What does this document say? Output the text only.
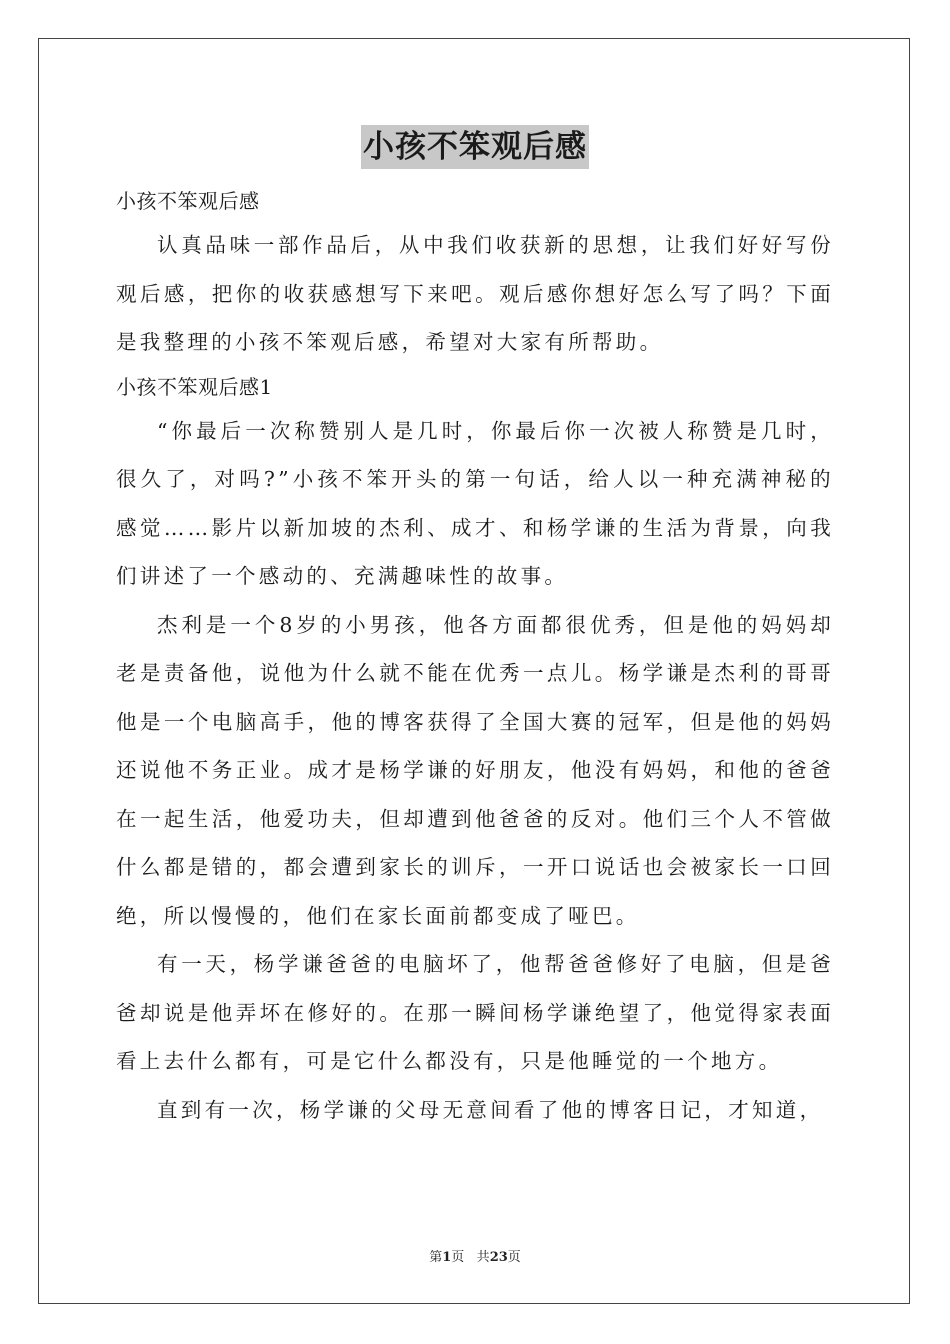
小孩不笨观后感

小孩不笨观后感

认真品味一部作品后，从中我们收获新的思想，让我们好好写份观后感，把你的收获感想写下来吧。观后感你想好怎么写了吗？下面是我整理的小孩不笨观后感，希望对大家有所帮助。

小孩不笨观后感1

“你最后一次称赞别人是几时，你最后你一次被人称赞是几时，很久了，对吗?”小孩不笨开头的第一句话，给人以一种充满神秘的感觉……影片以新加坡的杰利、成才、和杨学谦的生活为背景，向我们讲述了一个感动的、充满趣味性的故事。

杰利是一个8岁的小男孩，他各方面都很优秀，但是他的妈妈却老是责备他，说他为什么就不能在优秀一点儿。杨学谦是杰利的哥哥他是一个电脑高手，他的博客获得了全国大赛的冠军，但是他的妈妈还说他不务正业。成才是杨学谦的好朋友，他没有妈妈，和他的爸爸在一起生活，他爱功夫，但却遭到他爸爸的反对。他们三个人不管做什么都是错的，都会遭到家长的训斥，一开口说话也会被家长一口回绝，所以慢慢的，他们在家长面前都变成了哑巴。

有一天，杨学谦爸爸的电脑坏了，他帮爸爸修好了电脑，但是爸爸却说是他弄坏在修好的。在那一瞬间杨学谦绝望了，他觉得家表面看上去什么都有，可是它什么都没有，只是他睡觉的一个地方。

直到有一次，杨学谦的父母无意间看了他的博客日记，才知道，

第1页 共23页
